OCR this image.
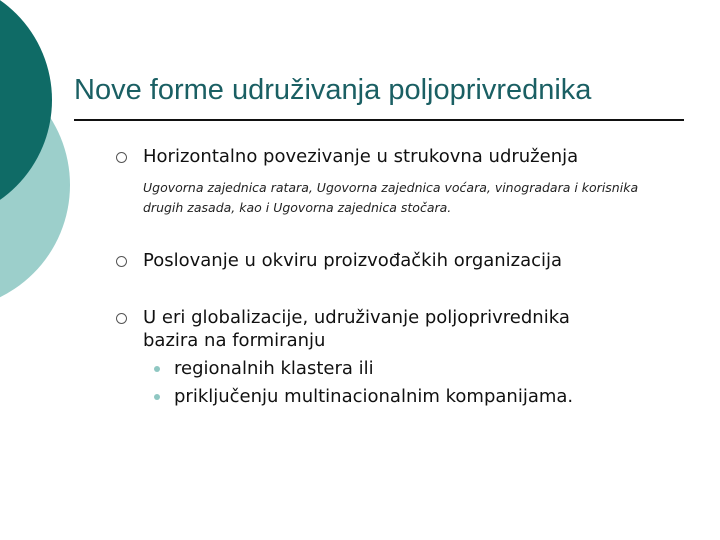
Nove forme udruživanja poljoprivrednika
Horizontalno povezivanje u strukovna udruženja
Ugovorna zajednica ratara, Ugovorna zajednica voćara, vinogradara i korisnika drugih zasada, kao i Ugovorna zajednica stočara.
Poslovanje u okviru proizvođačkih organizacija
U eri globalizacije, udruživanje poljoprivrednika
bazira na formiranju
regionalnih klastera ili
priključenju multinacionalnim kompanijama.
